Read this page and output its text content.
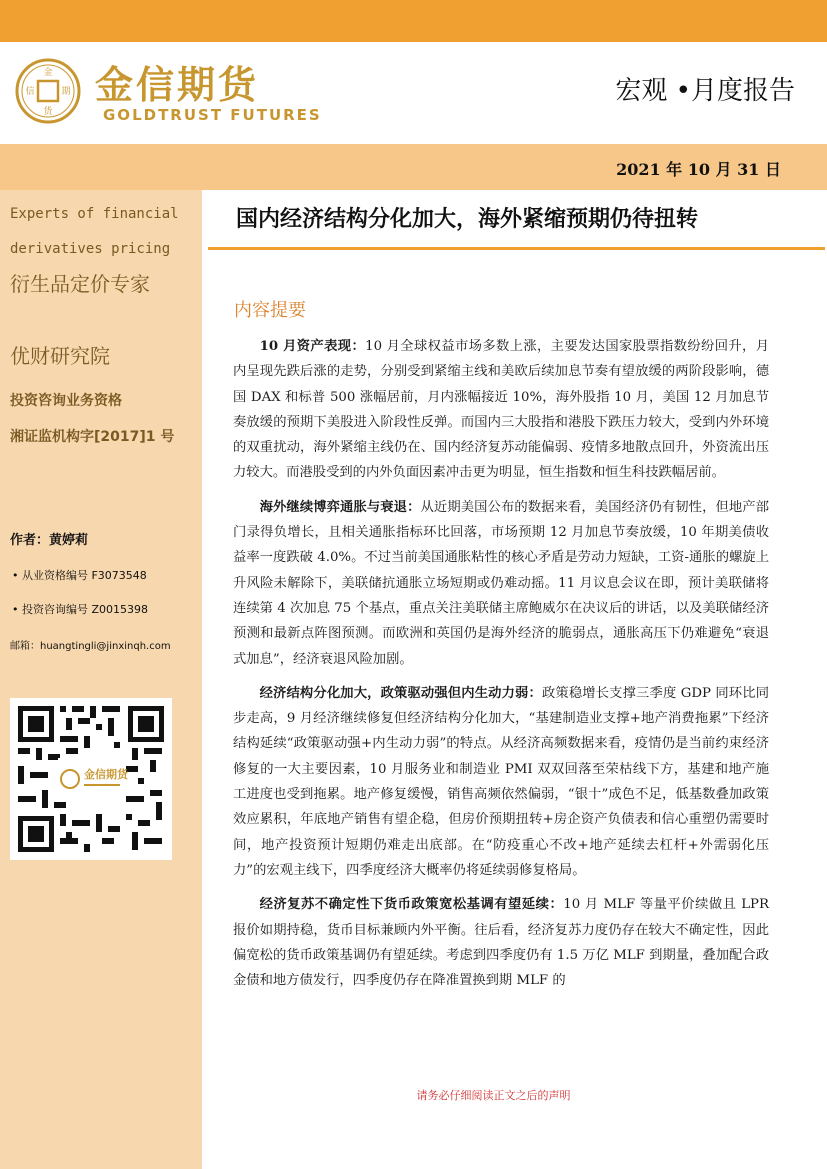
金
信	期
货
金信期货
GOLDTRUST FUTURES
宏观 •月度报告
2021 年 10 月 31 日
Experts of financial
derivatives pricing
衍生品定价专家
优财研究院
投资咨询业务资格
湘证监机构字[2017]1 号
作者：黄婷莉
• 从业资格编号 F3073548
• 投资咨询编号 Z0015398
邮箱：huangtingli@jinxinqh.com
金信期货
国内经济结构分化加大，海外紧缩预期仍待扭转
内容提要

10 月资产表现：10 月全球权益市场多数上涨，主要发达国家股票指数纷纷回升，月内呈现先跌后涨的走势，分别受到紧缩主线和美欧后续加息节奏有望放缓的两阶段影响，德国 DAX 和标普 500 涨幅居前，月内涨幅接近 10%，海外股指 10 月，美国 12 月加息节奏放缓的预期下美股进入阶段性反弹。而国内三大股指和港股下跌压力较大，受到内外环境的双重扰动，海外紧缩主线仍在、国内经济复苏动能偏弱、疫情多地散点回升，外资流出压力较大。而港股受到的内外负面因素冲击更为明显，恒生指数和恒生科技跌幅居前。

海外继续博弈通胀与衰退：从近期美国公布的数据来看，美国经济仍有韧性，但地产部门录得负增长，且相关通胀指标环比回落，市场预期 12 月加息节奏放缓，10 年期美债收益率一度跌破 4.0%。不过当前美国通胀粘性的核心矛盾是劳动力短缺，工资-通胀的螺旋上升风险未解除下，美联储抗通胀立场短期或仍难动摇。11 月议息会议在即，预计美联储将连续第 4 次加息 75 个基点，重点关注美联储主席鲍威尔在决议后的讲话，以及美联储经济预测和最新点阵图预测。而欧洲和英国仍是海外经济的脆弱点，通胀高压下仍难避免“衰退式加息”，经济衰退风险加剧。

经济结构分化加大，政策驱动强但内生动力弱：政策稳增长支撑三季度 GDP 同环比同步走高，9 月经济继续修复但经济结构分化加大，“基建制造业支撑+地产消费拖累”下经济结构延续“政策驱动强+内生动力弱”的特点。从经济高频数据来看，疫情仍是当前约束经济修复的一大主要因素，10 月服务业和制造业 PMI 双双回落至荣枯线下方，基建和地产施工进度也受到拖累。地产修复缓慢，销售高频依然偏弱，“银十”成色不足，低基数叠加政策效应累积，年底地产销售有望企稳，但房价预期扭转+房企资产负债表和信心重塑仍需要时间，地产投资预计短期仍难走出底部。在“防疫重心不改+地产延续去杠杆+外需弱化压力”的宏观主线下，四季度经济大概率仍将延续弱修复格局。

经济复苏不确定性下货币政策宽松基调有望延续：10 月 MLF 等量平价续做且 LPR 报价如期持稳，货币目标兼顾内外平衡。往后看，经济复苏力度仍存在较大不确定性，因此偏宽松的货币政策基调仍有望延续。考虑到四季度仍有 1.5 万亿 MLF 到期量，叠加配合政金债和地方债发行，四季度仍存在降准置换到期 MLF 的

请务必仔细阅读正文之后的声明
